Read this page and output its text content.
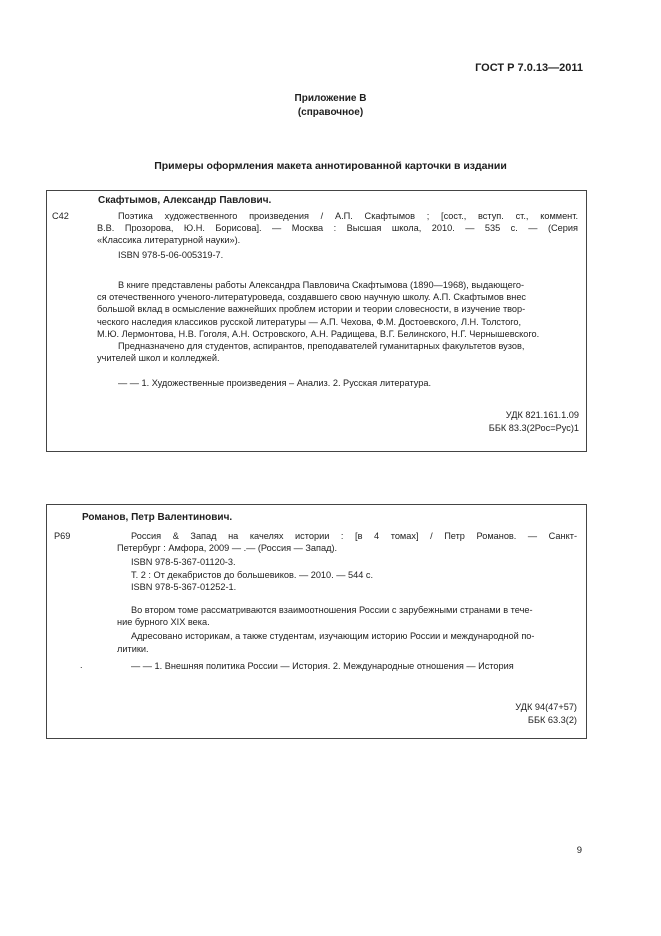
ГОСТ Р 7.0.13—2011
Приложение В
(справочное)
Примеры оформления макета аннотированной карточки в издании
Скафтымов, Александр Павлович.
С42	Поэтика художественного произведения / А.П. Скафтымов ; [сост., вступ. ст., коммент.
В.В. Прозорова, Ю.Н. Борисова]. — Москва : Высшая школа, 2010. — 535 с. — (Серия
«Классика литературной науки»).
ISBN 978-5-06-005319-7.
В книге представлены работы Александра Павловича Скафтымова (1890—1968), выдающего-
ся отечественного ученого-литературоведа, создавшего свою научную школу. А.П. Скафтымов внес
большой вклад в осмысление важнейших проблем истории и теории словесности, в изучение твор-
ческого наследия классиков русской литературы — А.П. Чехова, Ф.М. Достоевского, Л.Н. Толстого,
М.Ю. Лермонтова, Н.В. Гоголя, А.Н. Островского, А.Н. Радищева, В.Г. Белинского, Н.Г. Чернышевского.
Предназначено для студентов, аспирантов, преподавателей гуманитарных факультетов вузов,
учителей школ и колледжей.
— — 1. Художественные произведения – Анализ. 2. Русская литература.
УДК 821.161.1.09
ББК 83.3(2Рос=Рус)1
Романов, Петр Валентинович.
Р69	Россия & Запад на качелях истории : [в 4 томах] / Петр Романов. — Санкт-
Петербург : Амфора, 2009 — .— (Россия — Запад).
ISBN 978-5-367-01120-3.
Т. 2 : От декабристов до большевиков. — 2010. — 544 с.
ISBN 978-5-367-01252-1.
Во втором томе рассматриваются взаимоотношения России с зарубежными странами в тече-
ние бурного XIX века.
Адресовано историкам, а также студентам, изучающим историю России и международной по-
литики.
.	— — 1. Внешняя политика России — История. 2. Международные отношения — История
УДК 94(47+57)
ББК 63.3(2)
9
